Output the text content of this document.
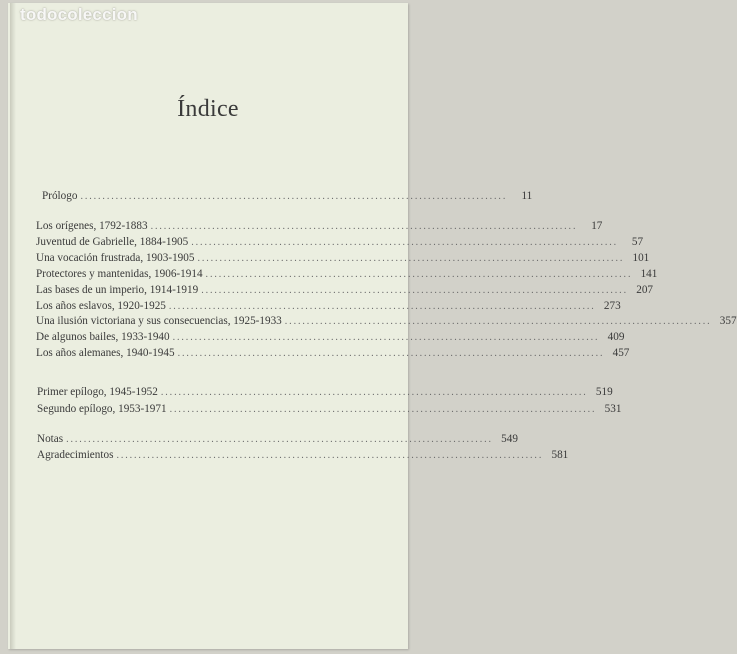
todocoleccion
Índice
Prólogo .................................................................................................	11
Los orígenes, 1792-1883 .................................................................................................	17
Juventud de Gabrielle, 1884-1905 .................................................................................................	57
Una vocación frustrada, 1903-1905 ................................................................................................. 101
Protectores y mantenidas, 1906-1914 ................................................................................................. 141
Las bases de un imperio, 1914-1919 ................................................................................................. 207
Los años eslavos, 1920-1925 ................................................................................................. 273
Una ilusión victoriana y sus consecuencias, 1925-1933 ................................................................................................. 357
De algunos bailes, 1933-1940 ................................................................................................. 409
Los años alemanes, 1940-1945 ................................................................................................. 457
Primer epílogo, 1945-1952 ................................................................................................. 519
Segundo epílogo, 1953-1971 ................................................................................................. 531
Notas ................................................................................................. 549
Agradecimientos ................................................................................................. 581
